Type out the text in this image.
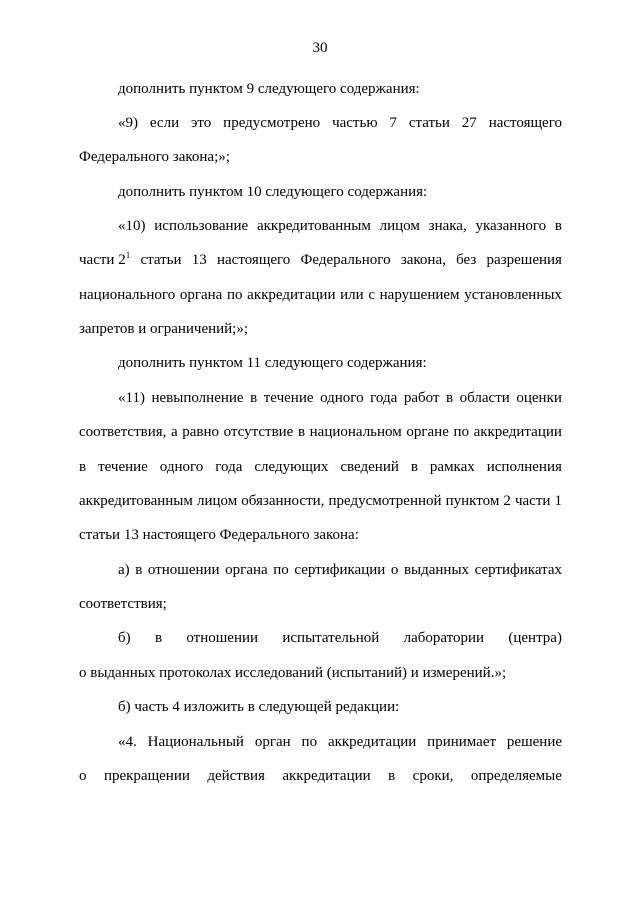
30
дополнить пунктом 9 следующего содержания:
«9) если это предусмотрено частью 7 статьи 27 настоящего
Федерального закона;»;
дополнить пунктом 10 следующего содержания:
«10) использование аккредитованным лицом знака, указанного в
части $2^1$ статьи 13 настоящего Федерального закона, без разрешения
национального органа по аккредитации или с нарушением установленных
запретов и ограничений;»;
дополнить пунктом 11 следующего содержания:
«11) невыполнение в течение одного года работ в области оценки
соответствия, а равно отсутствие в национальном органе по аккредитации
в течение одного года следующих сведений в рамках исполнения
аккредитованным лицом обязанности, предусмотренной пунктом 2 части 1
статьи 13 настоящего Федерального закона:
а) в отношении органа по сертификации о выданных сертификатах
соответствия;
б) в отношении испытательной лаборатории (центра)
о выданных протоколах исследований (испытаний) и измерений.»;
б) часть 4 изложить в следующей редакции:
«4. Национальный орган по аккредитации принимает решение
о прекращении действия аккредитации в сроки, определяемые
